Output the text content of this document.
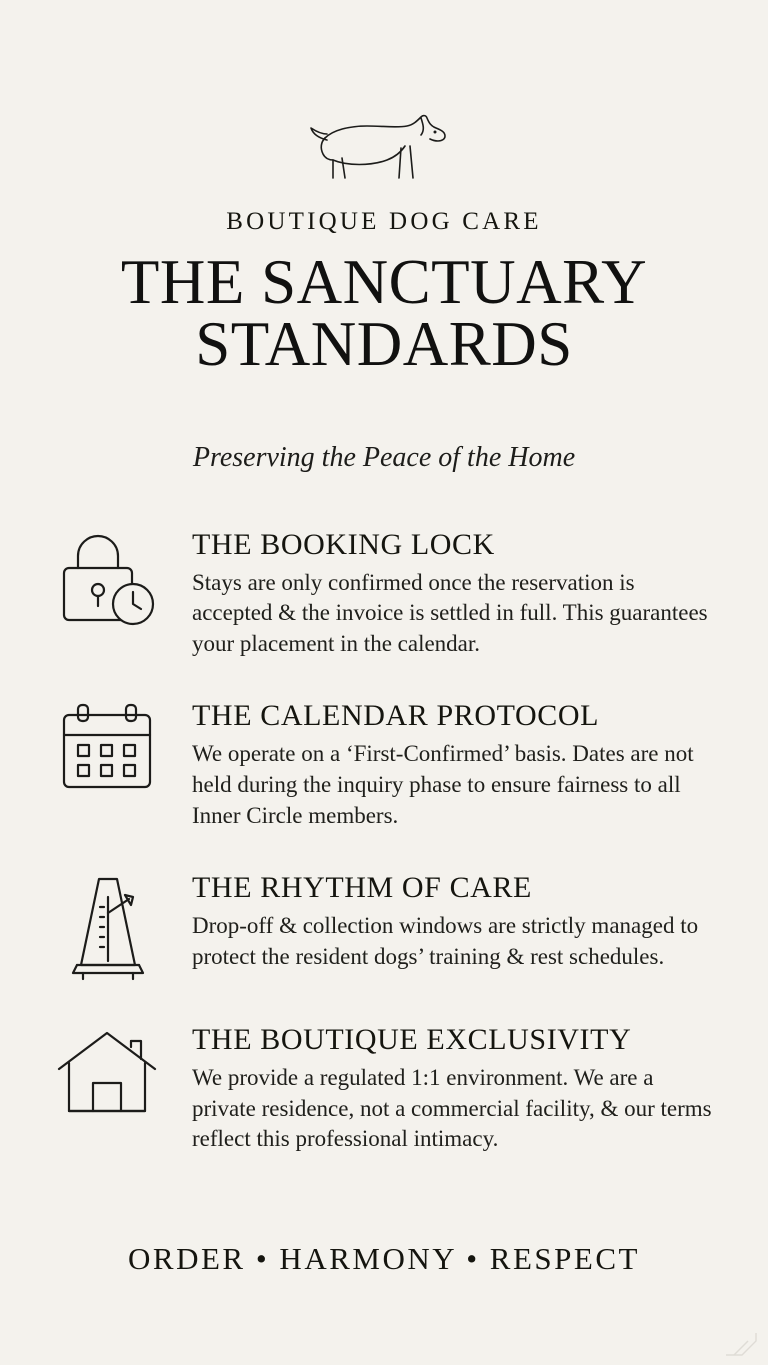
BOUTIQUE DOG CARE
THE SANCTUARY
STANDARDS
Preserving the Peace of the Home
THE BOOKING LOCK

Stays are only confirmed once the reservation is accepted & the invoice is settled in full. This guarantees your placement in the calendar.

THE CALENDAR PROTOCOL

We operate on a ‘First-Confirmed’ basis. Dates are not held during the inquiry phase to ensure fairness to all Inner Circle members.

THE RHYTHM OF CARE

Drop-off & collection windows are strictly managed to protect the resident dogs’ training & rest schedules.

THE BOUTIQUE EXCLUSIVITY

We provide a regulated 1:1 environment. We are a private residence, not a commercial facility, & our terms reflect this professional intimacy.

ORDER • HARMONY • RESPECT
